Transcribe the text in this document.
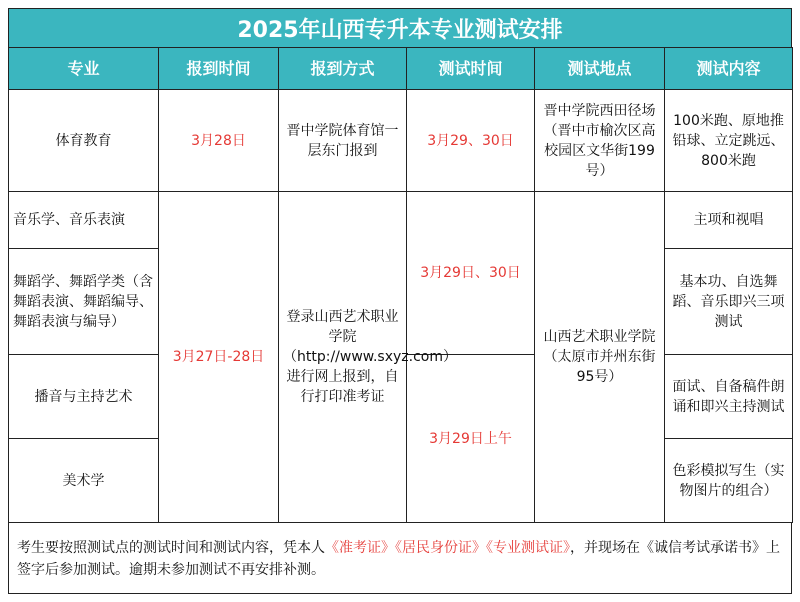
2025年山西专升本专业测试安排
专业	报到时间	报到方式	测试时间	测试地点	测试内容
体育教育	3月28日	晋中学院体育馆一层东门报到	3月29、30日	晋中学院西田径场（晋中市榆次区高校园区文华街199号）	100米跑、原地推铅球、立定跳远、800米跑
音乐学、音乐表演	3月27日-28日	登录山西艺术职业学院（http://www.sxyz.com）进行网上报到，自行打印准考证	3月29日、30日	山西艺术职业学院（太原市并州东街95号）	主项和视唱
舞蹈学、舞蹈学类（含舞蹈表演、舞蹈编导、舞蹈表演与编导）					基本功、自选舞蹈、音乐即兴三项测试
播音与主持艺术			3月29日上午		面试、自备稿件朗诵和即兴主持测试
美术学					色彩模拟写生（实物图片的组合）
考生要按照测试点的测试时间和测试内容，凭本人《准考证》《居民身份证》《专业测试证》，并现场在《诚信考试承诺书》上签字后参加测试。逾期未参加测试不再安排补测。
